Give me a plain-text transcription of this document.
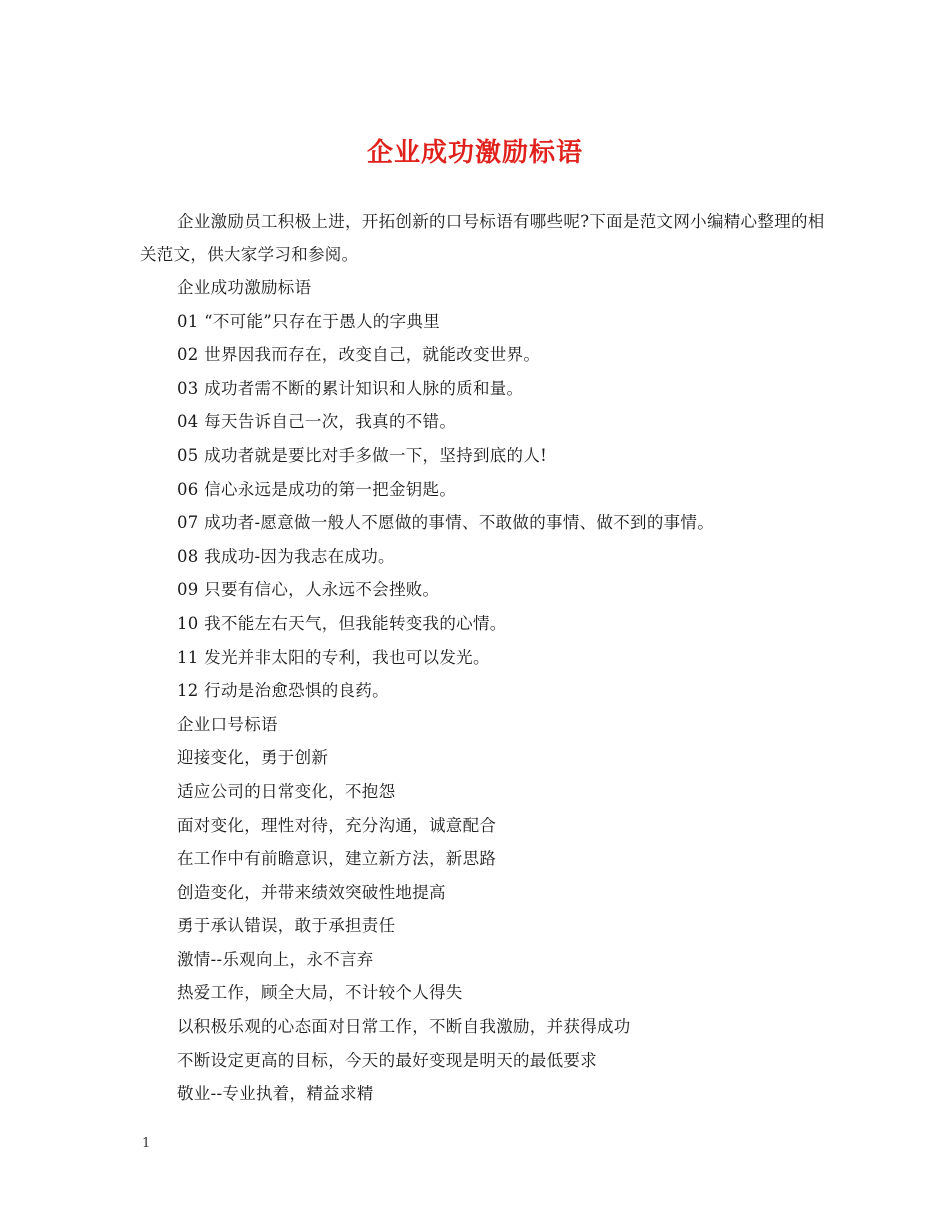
企业成功激励标语

企业激励员工积极上进，开拓创新的口号标语有哪些呢?下面是范文网小编精心整理的相关范文，供大家学习和参阅。

企业成功激励标语
01 “不可能”只存在于愚人的字典里
02 世界因我而存在，改变自己，就能改变世界。
03 成功者需不断的累计知识和人脉的质和量。
04 每天告诉自己一次，我真的不错。
05 成功者就是要比对手多做一下，坚持到底的人!
06 信心永远是成功的第一把金钥匙。
07 成功者-愿意做一般人不愿做的事情、不敢做的事情、做不到的事情。
08 我成功-因为我志在成功。
09 只要有信心，人永远不会挫败。
10 我不能左右天气，但我能转变我的心情。
11 发光并非太阳的专利，我也可以发光。
12 行动是治愈恐惧的良药。
企业口号标语
迎接变化，勇于创新
适应公司的日常变化，不抱怨
面对变化，理性对待，充分沟通，诚意配合
在工作中有前瞻意识，建立新方法，新思路
创造变化，并带来绩效突破性地提高
勇于承认错误，敢于承担责任
激情--乐观向上，永不言弃
热爱工作，顾全大局，不计较个人得失
以积极乐观的心态面对日常工作，不断自我激励，并获得成功
不断设定更高的目标，今天的最好变现是明天的最低要求
敬业--专业执着，精益求精
1
